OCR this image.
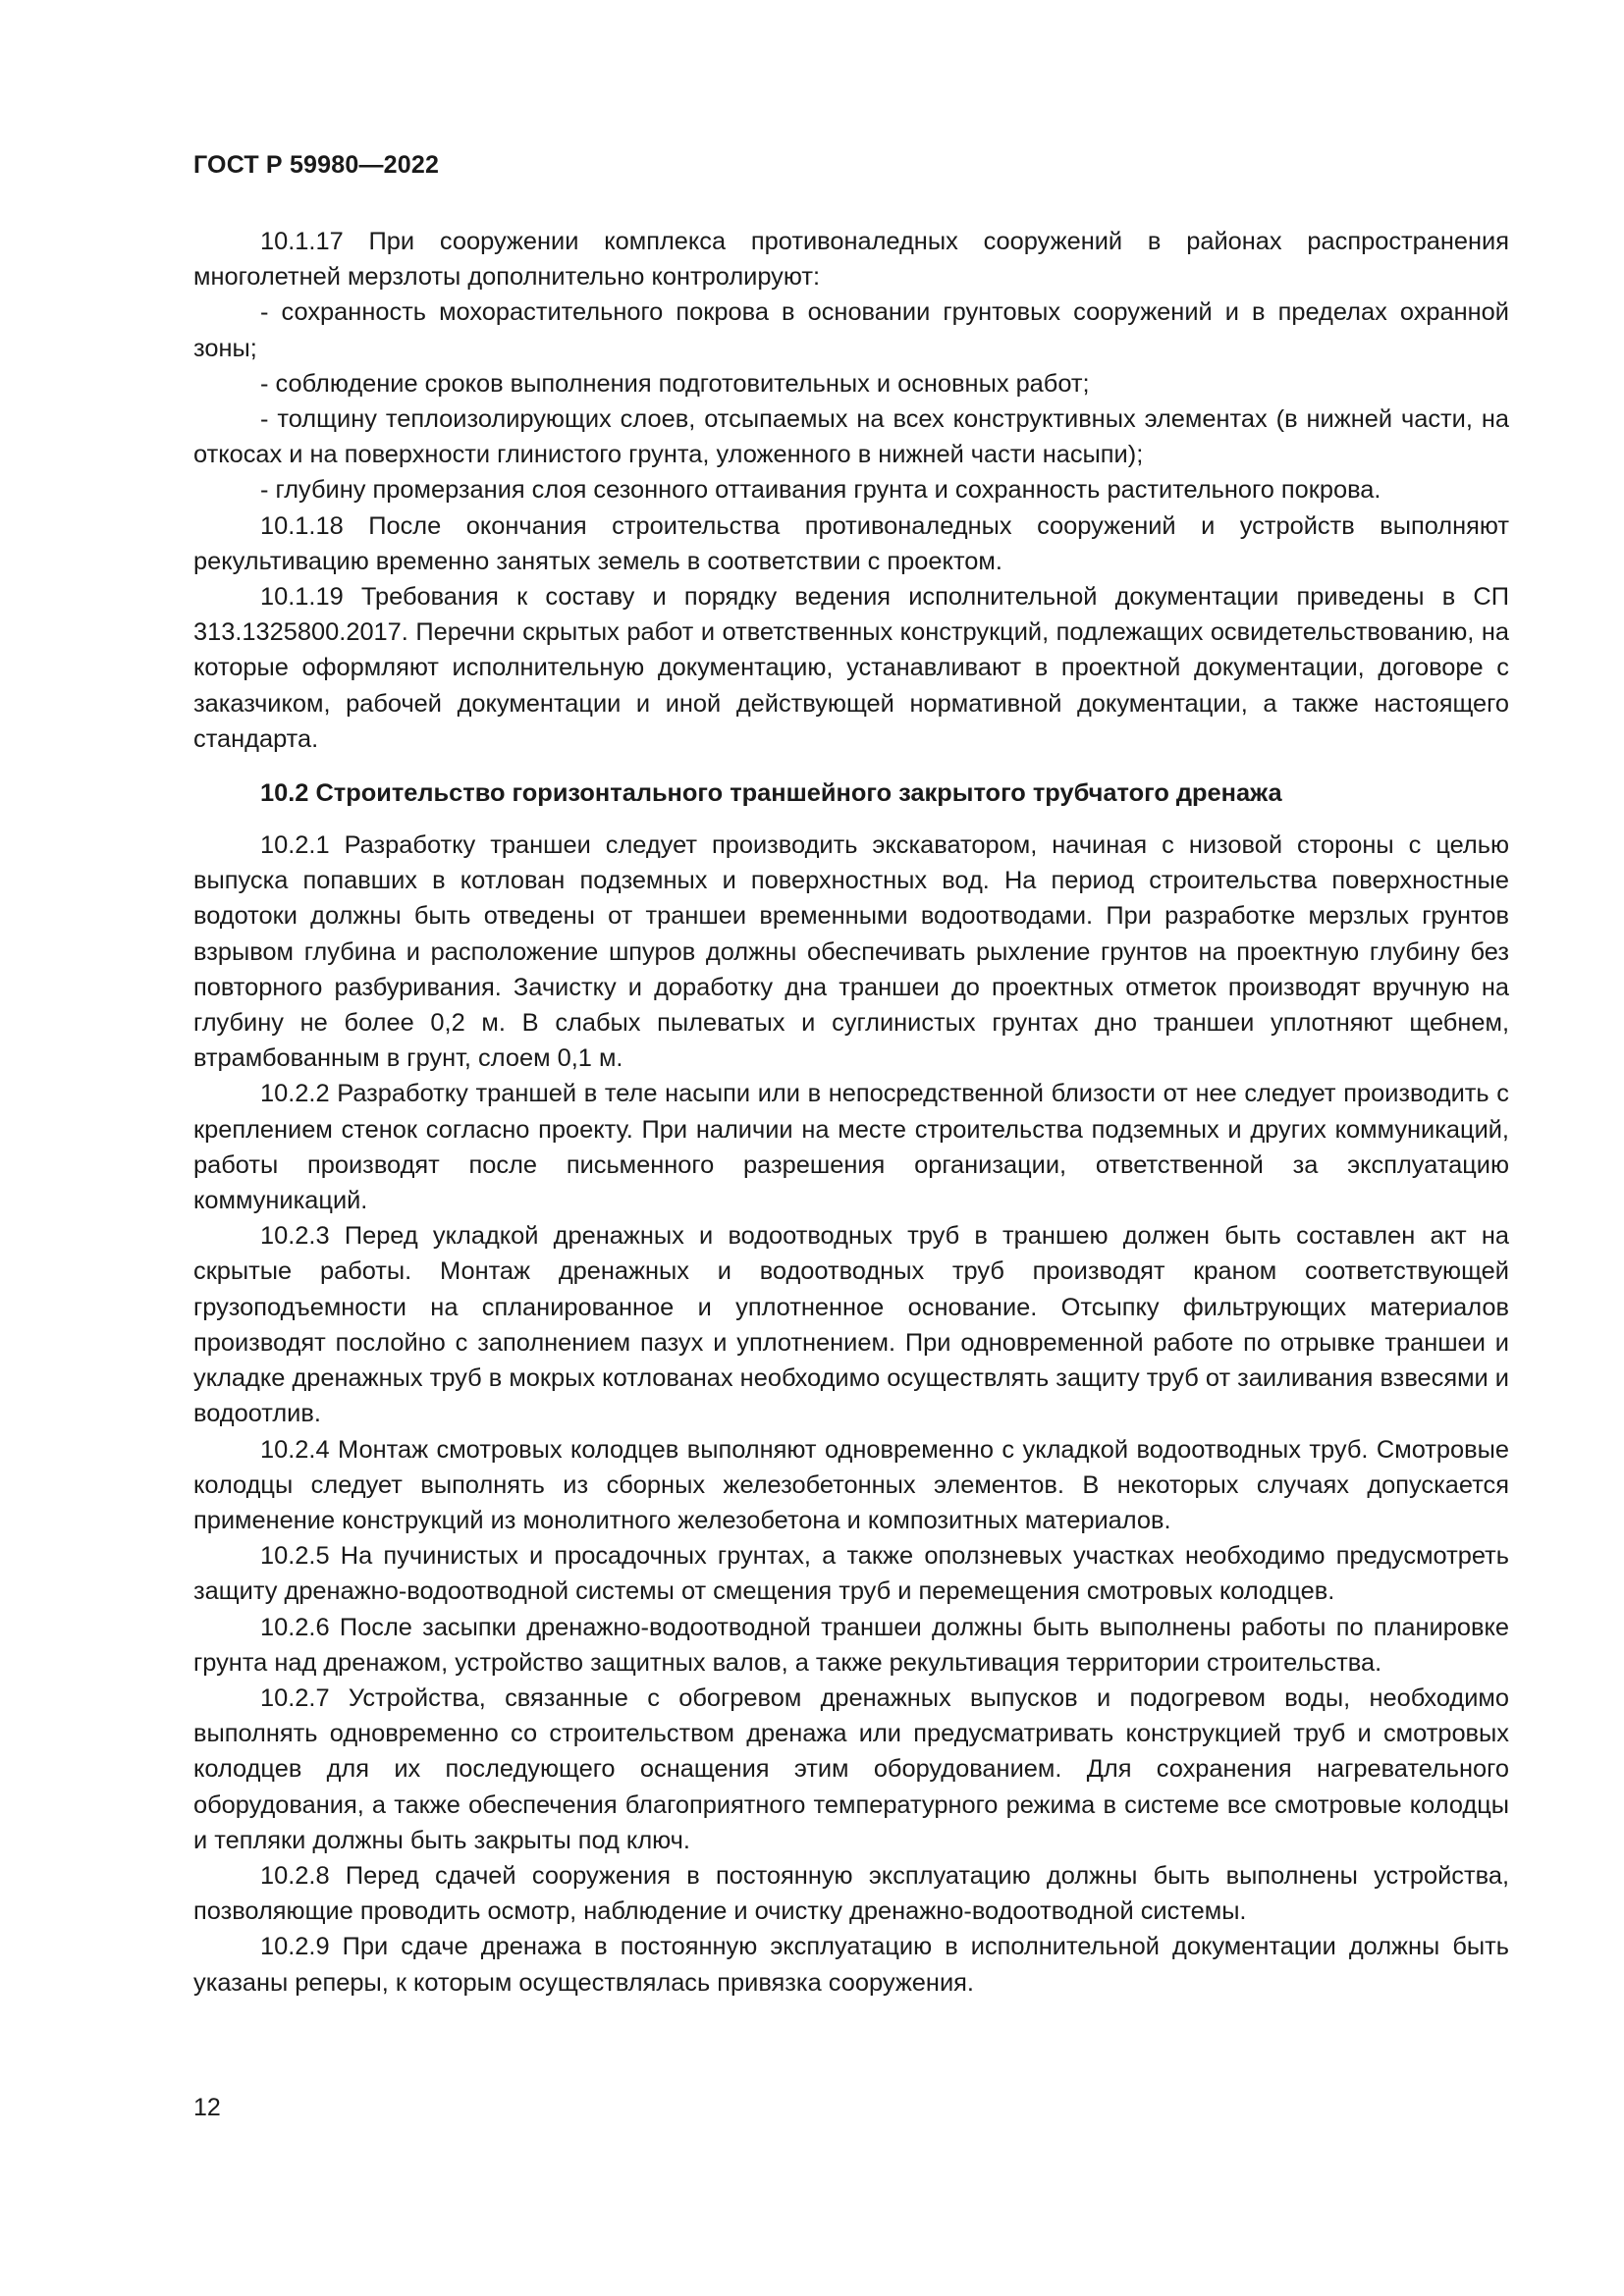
ГОСТ Р 59980—2022

10.1.17 При сооружении комплекса противоналедных сооружений в районах распространения многолетней мерзлоты дополнительно контролируют:

- сохранность мохорастительного покрова в основании грунтовых сооружений и в пределах охранной зоны;

- соблюдение сроков выполнения подготовительных и основных работ;

- толщину теплоизолирующих слоев, отсыпаемых на всех конструктивных элементах (в нижней части, на откосах и на поверхности глинистого грунта, уложенного в нижней части насыпи);

- глубину промерзания слоя сезонного оттаивания грунта и сохранность растительного покрова.

10.1.18 После окончания строительства противоналедных сооружений и устройств выполняют рекультивацию временно занятых земель в соответствии с проектом.

10.1.19 Требования к составу и порядку ведения исполнительной документации приведены в СП 313.1325800.2017. Перечни скрытых работ и ответственных конструкций, подлежащих освидетельствованию, на которые оформляют исполнительную документацию, устанавливают в проектной документации, договоре с заказчиком, рабочей документации и иной действующей нормативной документации, а также настоящего стандарта.

10.2 Строительство горизонтального траншейного закрытого трубчатого дренажа

10.2.1 Разработку траншеи следует производить экскаватором, начиная с низовой стороны с целью выпуска попавших в котлован подземных и поверхностных вод. На период строительства поверхностные водотоки должны быть отведены от траншеи временными водоотводами. При разработке мерзлых грунтов взрывом глубина и расположение шпуров должны обеспечивать рыхление грунтов на проектную глубину без повторного разбуривания. Зачистку и доработку дна траншеи до проектных отметок производят вручную на глубину не более 0,2 м. В слабых пылеватых и суглинистых грунтах дно траншеи уплотняют щебнем, втрамбованным в грунт, слоем 0,1 м.

10.2.2 Разработку траншей в теле насыпи или в непосредственной близости от нее следует производить с креплением стенок согласно проекту. При наличии на месте строительства подземных и других коммуникаций, работы производят после письменного разрешения организации, ответственной за эксплуатацию коммуникаций.

10.2.3 Перед укладкой дренажных и водоотводных труб в траншею должен быть составлен акт на скрытые работы. Монтаж дренажных и водоотводных труб производят краном соответствующей грузоподъемности на спланированное и уплотненное основание. Отсыпку фильтрующих материалов производят послойно с заполнением пазух и уплотнением. При одновременной работе по отрывке траншеи и укладке дренажных труб в мокрых котлованах необходимо осуществлять защиту труб от заиливания взвесями и водоотлив.

10.2.4 Монтаж смотровых колодцев выполняют одновременно с укладкой водоотводных труб. Смотровые колодцы следует выполнять из сборных железобетонных элементов. В некоторых случаях допускается применение конструкций из монолитного железобетона и композитных материалов.

10.2.5 На пучинистых и просадочных грунтах, а также оползневых участках необходимо предусмотреть защиту дренажно-водоотводной системы от смещения труб и перемещения смотровых колодцев.

10.2.6 После засыпки дренажно-водоотводной траншеи должны быть выполнены работы по планировке грунта над дренажом, устройство защитных валов, а также рекультивация территории строительства.

10.2.7 Устройства, связанные с обогревом дренажных выпусков и подогревом воды, необходимо выполнять одновременно со строительством дренажа или предусматривать конструкцией труб и смотровых колодцев для их последующего оснащения этим оборудованием. Для сохранения нагревательного оборудования, а также обеспечения благоприятного температурного режима в системе все смотровые колодцы и тепляки должны быть закрыты под ключ.

10.2.8 Перед сдачей сооружения в постоянную эксплуатацию должны быть выполнены устройства, позволяющие проводить осмотр, наблюдение и очистку дренажно-водоотводной системы.

10.2.9 При сдаче дренажа в постоянную эксплуатацию в исполнительной документации должны быть указаны реперы, к которым осуществлялась привязка сооружения.

12
